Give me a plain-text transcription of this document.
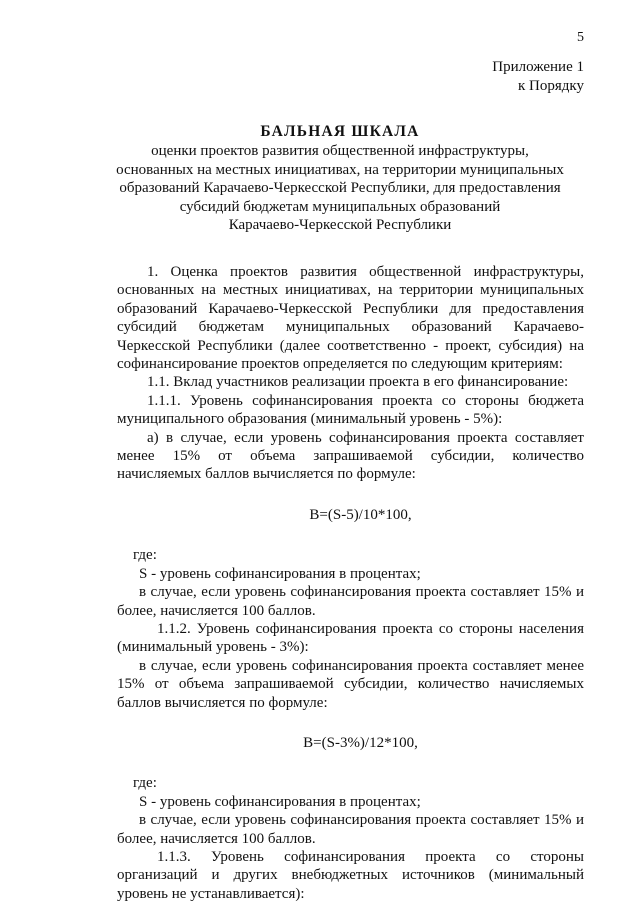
5
Приложение 1
к Порядку
БАЛЬНАЯ ШКАЛА
оценки проектов развития общественной инфраструктуры,
основанных на местных инициативах, на территории муниципальных
образований Карачаево-Черкесской Республики, для предоставления
субсидий бюджетам муниципальных образований
Карачаево-Черкесской Республики

1. Оценка проектов развития общественной инфраструктуры, основанных на местных инициативах, на территории муниципальных образований Карачаево-Черкесской Республики для предоставления субсидий бюджетам муниципальных образований Карачаево-Черкесской Республики (далее соответственно - проект, субсидия) на софинансирование проектов определяется по следующим критериям:

1.1. Вклад участников реализации проекта в его финансирование:

1.1.1. Уровень софинансирования проекта со стороны бюджета муниципального образования (минимальный уровень - 5%):

а) в случае, если уровень софинансирования проекта составляет менее 15% от объема запрашиваемой субсидии, количество начисляемых баллов вычисляется по формуле:

B=(S-5)/10*100,

где:

S - уровень софинансирования в процентах;

в случае, если уровень софинансирования проекта составляет 15% и более, начисляется 100 баллов.

1.1.2. Уровень софинансирования проекта со стороны населения (минимальный уровень - 3%):

в случае, если уровень софинансирования проекта составляет менее 15% от объема запрашиваемой субсидии, количество начисляемых баллов вычисляется по формуле:

B=(S-3%)/12*100,

где:

S - уровень софинансирования в процентах;

в случае, если уровень софинансирования проекта составляет 15% и более, начисляется 100 баллов.

1.1.3. Уровень софинансирования проекта со стороны организаций и других внебюджетных источников (минимальный уровень не устанавливается):
